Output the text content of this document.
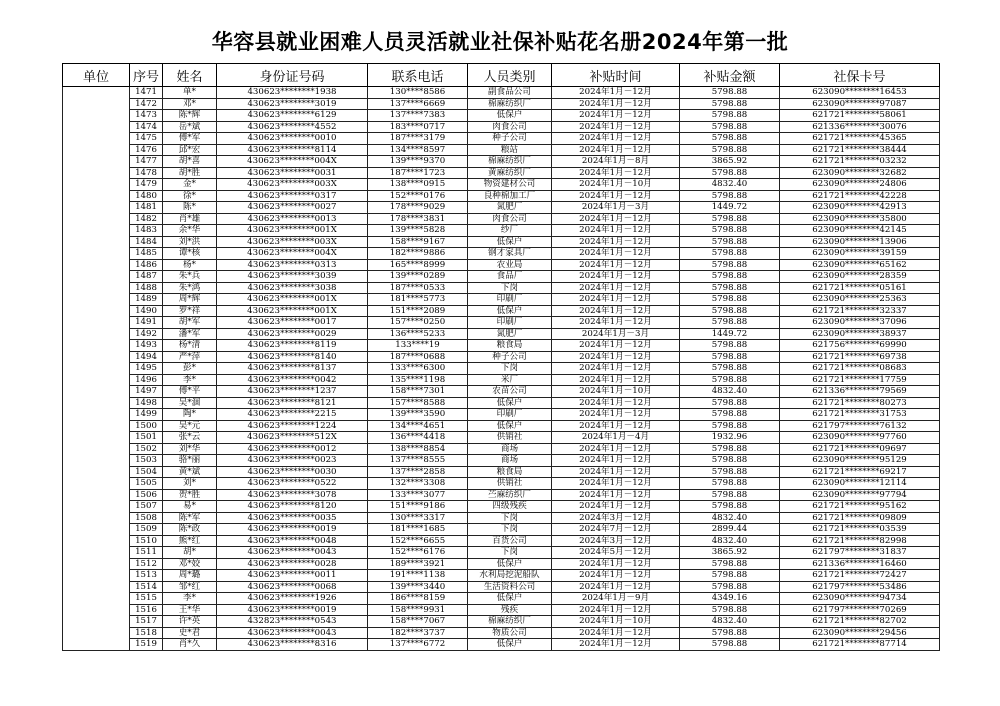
华容县就业困难人员灵活就业社保补贴花名册2024年第一批
单位	序号	姓名	身份证号码	联系电话	人员类别	补贴时间	补贴金额	社保卡号
	1471	单*	430623********1938	130****8586	副食品公司	2024年1月－12月	5798.88	623090********16453
	1472	邓*	430623********3019	137****6669	棉麻纺织厂	2024年1月－12月	5798.88	623090********97087
	1473	陈*辉	430623********6129	137****7383	低保户	2024年1月－12月	5798.88	621721********58061
	1474	岳*斌	430623********4552	183****0717	肉食公司	2024年1月－12月	5798.88	621336********30076
	1475	傅*军	430623********0010	187****3179	种子公司	2024年1月－12月	5798.88	621721********45365
	1476	邱*宏	430623********8114	134****8597	粮站	2024年1月－12月	5798.88	621721********38444
	1477	胡*喜	430623********004X	139****9370	棉麻纺织厂	2024年1月－8月	3865.92	621721********03232
	1478	胡*胜	430623********0031	187****1723	黄麻纺织厂	2024年1月－12月	5798.88	623090********32682
	1479	金*	430623********003X	138****0915	物资建材公司	2024年1月－10月	4832.40	623090********24806
	1480	徐*	430623********0317	152****0176	良种棉加工厂	2024年1月－12月	5798.88	621721********42228
	1481	陈*	430623********0027	178****9029	氮肥厂	2024年1月－3月	1449.72	623090********42913
	1482	肖*雄	430623********0013	178****3831	肉食公司	2024年1月－12月	5798.88	623090********35800
	1483	余*华	430623********001X	139****5828	纱厂	2024年1月－12月	5798.88	623090********42145
	1484	刘*洪	430623********003X	158****9167	低保户	2024年1月－12月	5798.88	623090********13906
	1485	谭*核	430623********004X	182****9886	钢才家具厂	2024年1月－12月	5798.88	623090********39159
	1486	杨*	430623********0313	165****8999	农业局	2024年1月－12月	5798.88	623090********65162
	1487	朱*兵	430623********3039	139****0289	食品厂	2024年1月－12月	5798.88	623090********28359
	1488	朱*鸿	430623********3038	187****0533	下岗	2024年1月－12月	5798.88	621721********05161
	1489	周*辉	430623********001X	181****5773	印刷厂	2024年1月－12月	5798.88	623090********25363
	1490	罗*祥	430623********001X	151****2089	低保户	2024年1月－12月	5798.88	621721********32337
	1491	胡*军	430623********0017	157****0250	印刷厂	2024年1月－12月	5798.88	623090********37096
	1492	潘*军	430623********0029	136****5233	氮肥厂	2024年1月－3月	1449.72	623090********38937
	1493	杨*清	430623********8119	133****19	粮食局	2024年1月－12月	5798.88	621756********69990
	1494	严*萍	430623********8140	187****0688	种子公司	2024年1月－12月	5798.88	621721********69738
	1495	彭*	430623********8137	133****6300	下岗	2024年1月－12月	5798.88	621721********08683
	1496	李*	430623********0042	135****1198	米厂	2024年1月－12月	5798.88	621721********17759
	1497	傅*平	430623********1237	158****7301	农苗公司	2024年1月－10月	4832.40	621336********79569
	1498	吴*涸	430623********8121	157****8588	低保户	2024年1月－12月	5798.88	621721********80273
	1499	陶*	430623********2215	139****3590	印刷厂	2024年1月－12月	5798.88	621721********31753
	1500	吴*元	430623********1224	134****4651	低保户	2024年1月－12月	5798.88	621797********76132
	1501	张*云	430623********512X	136****4418	供销社	2024年1月－4月	1932.96	623090********97760
	1502	刘*华	430623********0012	138****8854	商场	2024年1月－12月	5798.88	621721********09697
	1503	骆*丽	430623********0023	137****8555	商场	2024年1月－12月	5798.88	623090********95129
	1504	黄*斌	430623********0030	137****2858	粮食局	2024年1月－12月	5798.88	621721********69217
	1505	刘*	430623********0522	132****3308	供销社	2024年1月－12月	5798.88	623090********12114
	1506	贺*胜	430623********3078	133****3077	苎麻纺织厂	2024年1月－12月	5798.88	623090********97794
	1507	易*	430623********8120	151****9186	四级残疾	2024年1月－12月	5798.88	621721********95162
	1508	陈*军	430623********0035	130****3317	下岗	2024年3月－12月	4832.40	621721********09809
	1509	陈*政	430623********0019	181****1685	下岗	2024年7月－12月	2899.44	621721********03539
	1510	熊*红	430623********0048	152****6655	百货公司	2024年3月－12月	4832.40	621721********82998
	1511	胡*	430623********0043	152****6176	下岗	2024年5月－12月	3865.92	621797********31837
	1512	邓*姣	430623********0028	189****3921	低保户	2024年1月－12月	5798.88	621336********16460
	1513	周*璐	430623********0011	191****1138	水利局挖泥船队	2024年1月－12月	5798.88	621721********72427
	1514	邹*红	430623********0068	139****3440	生活资料公司	2024年1月－12月	5798.88	621797********53486
	1515	李*	430623********1926	186****8159	低保户	2024年1月－9月	4349.16	623090********94734
	1516	王*华	430623********0019	158****9931	残疾	2024年1月－12月	5798.88	621797********70269
	1517	许*英	432823********0543	158****7067	棉麻纺织厂	2024年1月－10月	4832.40	621721********82702
	1518	史*君	430623********0043	182****3737	物质公司	2024年1月－12月	5798.88	623090********29456
	1519	肖*久	430623********8316	137****6772	低保户	2024年1月－12月	5798.88	621721********87714
